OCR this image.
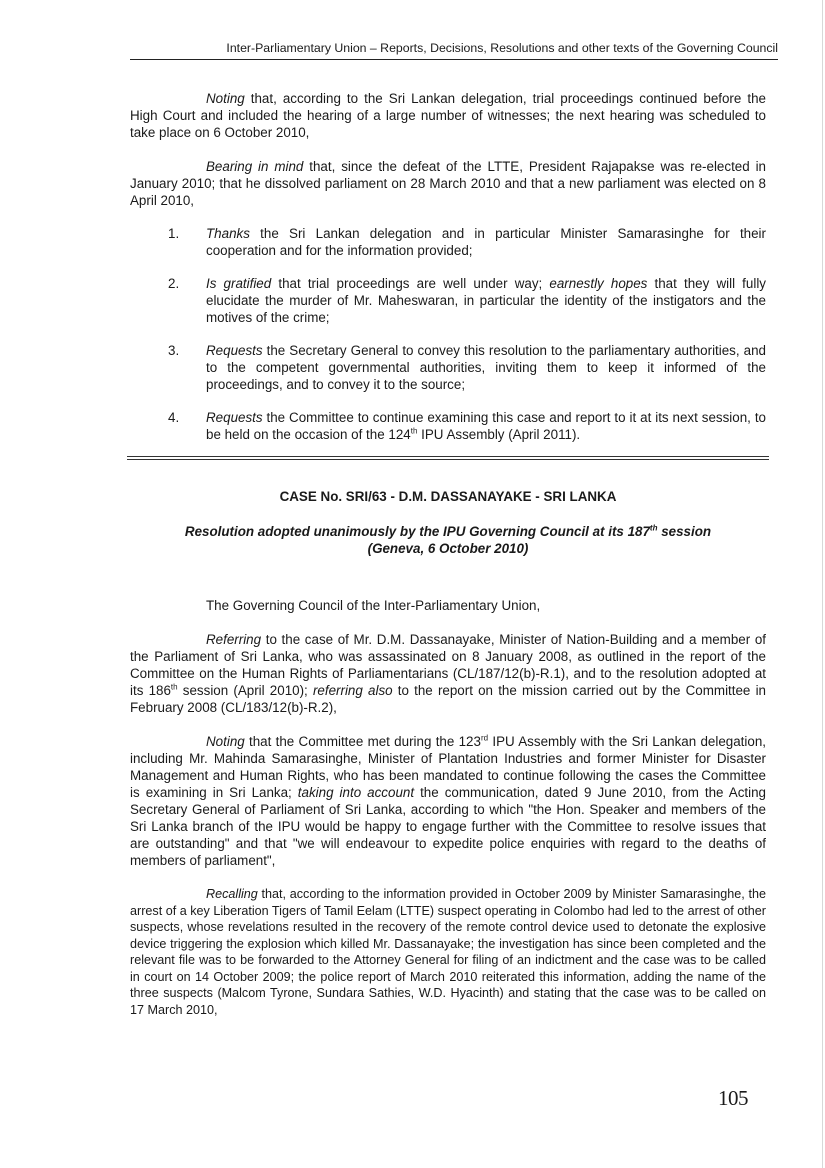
Inter-Parliamentary Union – Reports, Decisions, Resolutions and other texts of the Governing Council

Noting that, according to the Sri Lankan delegation, trial proceedings continued before the High Court and included the hearing of a large number of witnesses; the next hearing was scheduled to take place on 6 October 2010,

Bearing in mind that, since the defeat of the LTTE, President Rajapakse was re-elected in January 2010; that he dissolved parliament on 28 March 2010 and that a new parliament was elected on 8 April 2010,

1. Thanks the Sri Lankan delegation and in particular Minister Samarasinghe for their cooperation and for the information provided;

2. Is gratified that trial proceedings are well under way; earnestly hopes that they will fully elucidate the murder of Mr. Maheswaran, in particular the identity of the instigators and the motives of the crime;

3. Requests the Secretary General to convey this resolution to the parliamentary authorities, and to the competent governmental authorities, inviting them to keep it informed of the proceedings, and to convey it to the source;

4. Requests the Committee to continue examining this case and report to it at its next session, to be held on the occasion of the 124th IPU Assembly (April 2011).

CASE No. SRI/63 - D.M. DASSANAYAKE - SRI LANKA

Resolution adopted unanimously by the IPU Governing Council at its 187th session

(Geneva, 6 October 2010)

The Governing Council of the Inter-Parliamentary Union,

Referring to the case of Mr. D.M. Dassanayake, Minister of Nation-Building and a member of the Parliament of Sri Lanka, who was assassinated on 8 January 2008, as outlined in the report of the Committee on the Human Rights of Parliamentarians (CL/187/12(b)-R.1), and to the resolution adopted at its 186th session (April 2010); referring also to the report on the mission carried out by the Committee in February 2008 (CL/183/12(b)-R.2),

Noting that the Committee met during the 123rd IPU Assembly with the Sri Lankan delegation, including Mr. Mahinda Samarasinghe, Minister of Plantation Industries and former Minister for Disaster Management and Human Rights, who has been mandated to continue following the cases the Committee is examining in Sri Lanka; taking into account the communication, dated 9 June 2010, from the Acting Secretary General of Parliament of Sri Lanka, according to which "the Hon. Speaker and members of the Sri Lanka branch of the IPU would be happy to engage further with the Committee to resolve issues that are outstanding" and that "we will endeavour to expedite police enquiries with regard to the deaths of members of parliament",

Recalling that, according to the information provided in October 2009 by Minister Samarasinghe, the arrest of a key Liberation Tigers of Tamil Eelam (LTTE) suspect operating in Colombo had led to the arrest of other suspects, whose revelations resulted in the recovery of the remote control device used to detonate the explosive device triggering the explosion which killed Mr. Dassanayake; the investigation has since been completed and the relevant file was to be forwarded to the Attorney General for filing of an indictment and the case was to be called in court on 14 October 2009; the police report of March 2010 reiterated this information, adding the name of the three suspects (Malcom Tyrone, Sundara Sathies, W.D. Hyacinth) and stating that the case was to be called on 17 March 2010,

105
